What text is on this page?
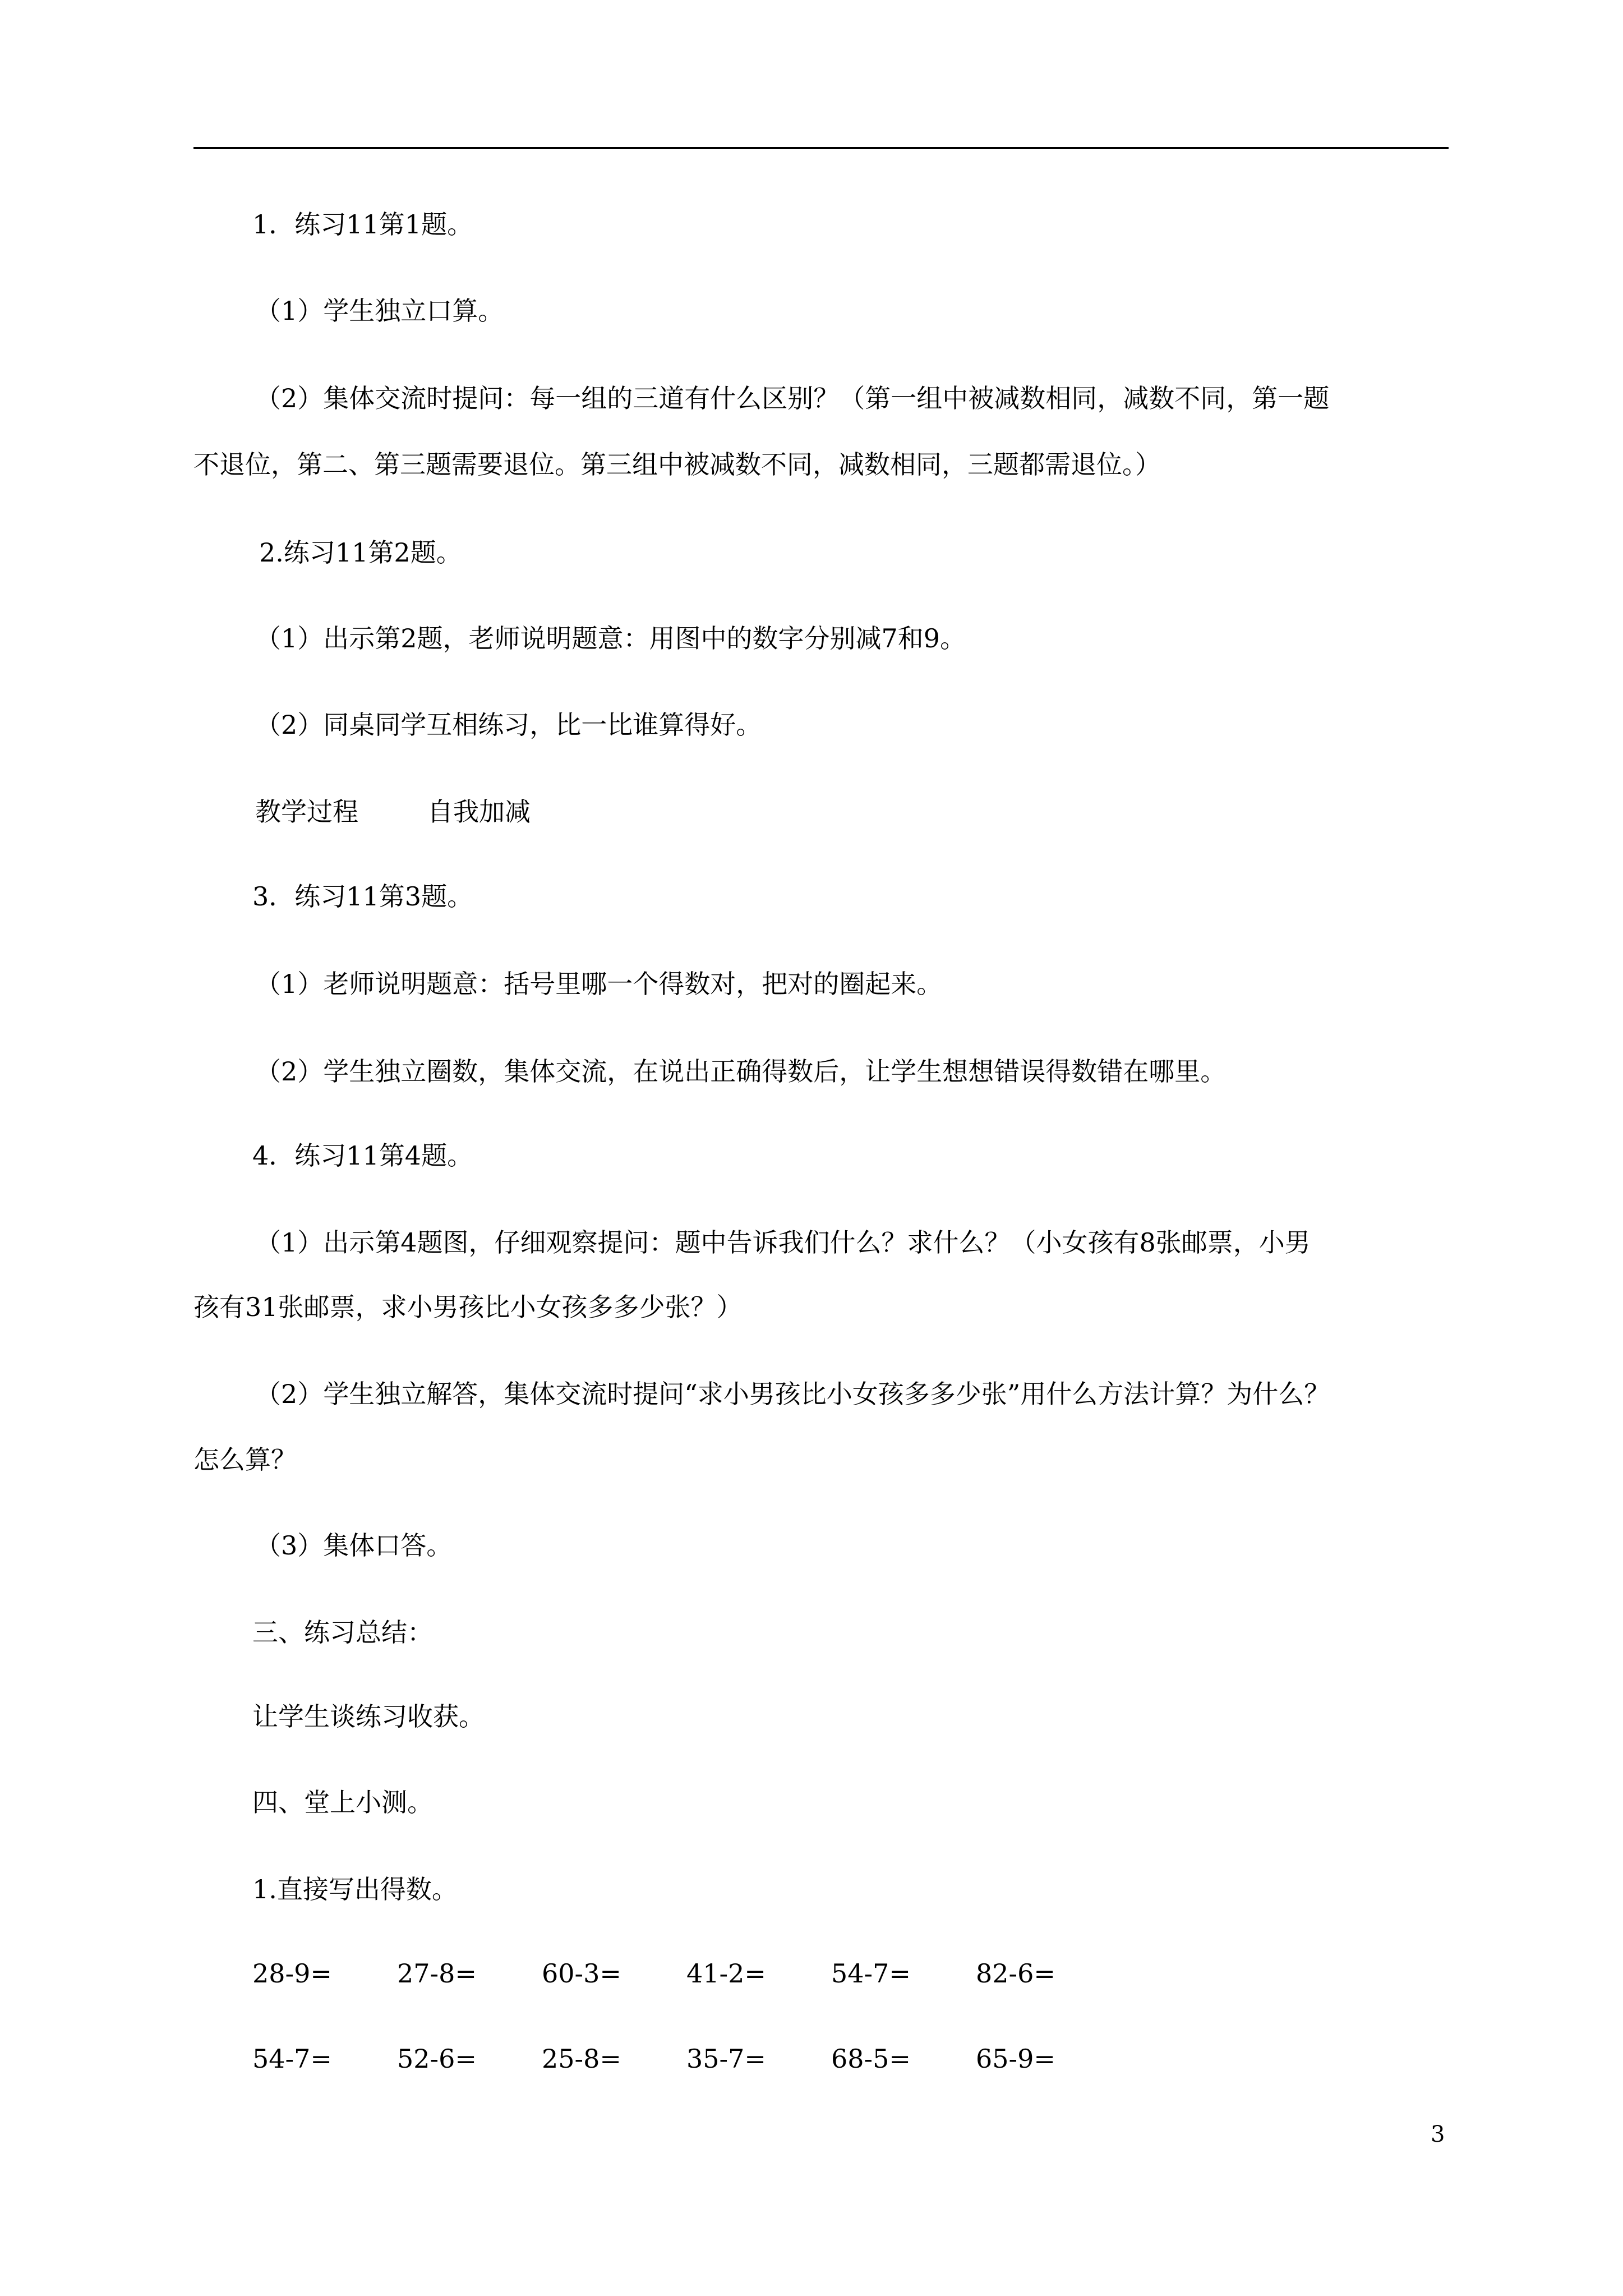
1．练习11第1题。

（1）学生独立口算。

（2）集体交流时提问：每一组的三道有什么区别？（第一组中被减数相同，减数不同，第一题

不退位，第二、第三题需要退位。第三组中被减数不同，减数相同，三题都需退位。）

2.练习11第2题。

（1）出示第2题，老师说明题意：用图中的数字分别减7和9。

（2）同桌同学互相练习，比一比谁算得好。

教学过程	自我加减

3．练习11第3题。

（1）老师说明题意：括号里哪一个得数对，把对的圈起来。

（2）学生独立圈数，集体交流，在说出正确得数后，让学生想想错误得数错在哪里。

4．练习11第4题。

（1）出示第4题图，仔细观察提问：题中告诉我们什么？求什么？（小女孩有8张邮票，小男

孩有31张邮票，求小男孩比小女孩多多少张？）

（2）学生独立解答，集体交流时提问“求小男孩比小女孩多多少张”用什么方法计算？为什么？

怎么算？

（3）集体口答。

三、练习总结：

让学生谈练习收获。

四、堂上小测。

1.直接写出得数。

28-9=	27-8=	60-3=	41-2=	54-7=	82-6=
54-7=	52-6=	25-8=	35-7=	68-5=	65-9=
3
